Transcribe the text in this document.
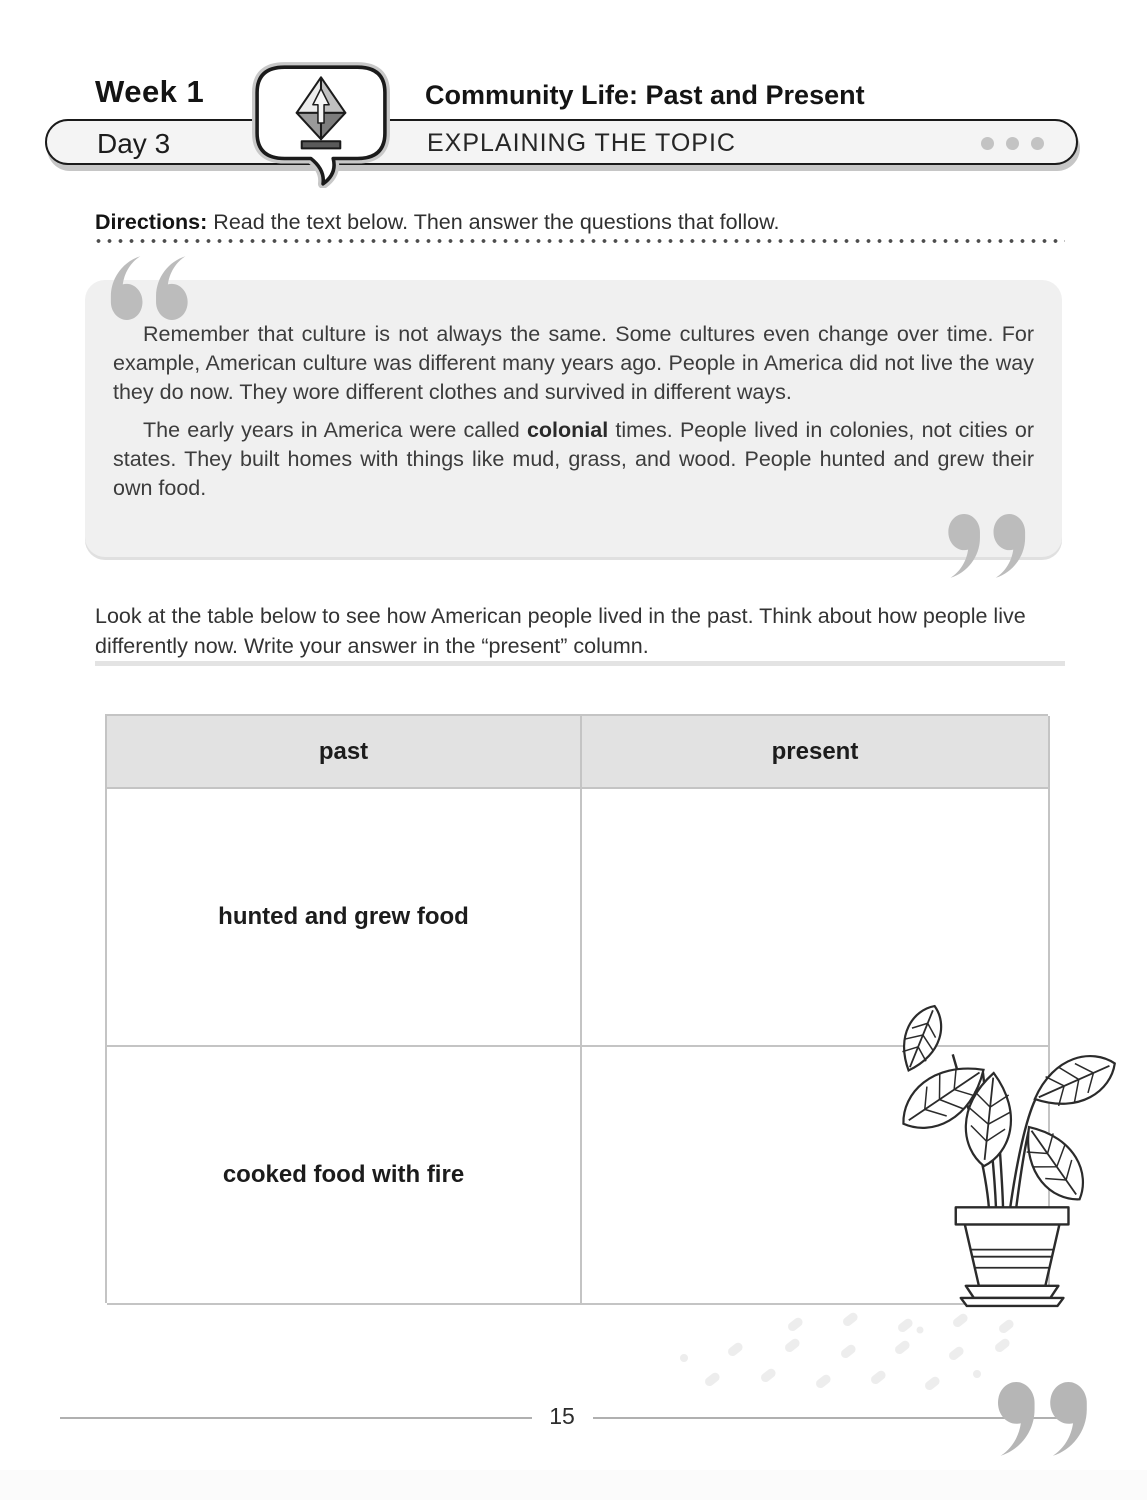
Week 1
Day 3	EXPLAINING THE TOPIC
Community Life: Past and Present
Directions: Read the text below. Then answer the questions that follow.

Remember that culture is not always the same. Some cultures even change over time. For example, American culture was different many years ago. People in America did not live the way they do now. They wore different clothes and survived in different ways.

The early years in America were called colonial times. People lived in colonies, not cities or states. They built homes with things like mud, grass, and wood. People hunted and grew their own food.

Look at the table below to see how American people lived in the past. Think about how people live differently now. Write your answer in the “present” column.
past	present
hunted and grew food
cooked food with fire
15
